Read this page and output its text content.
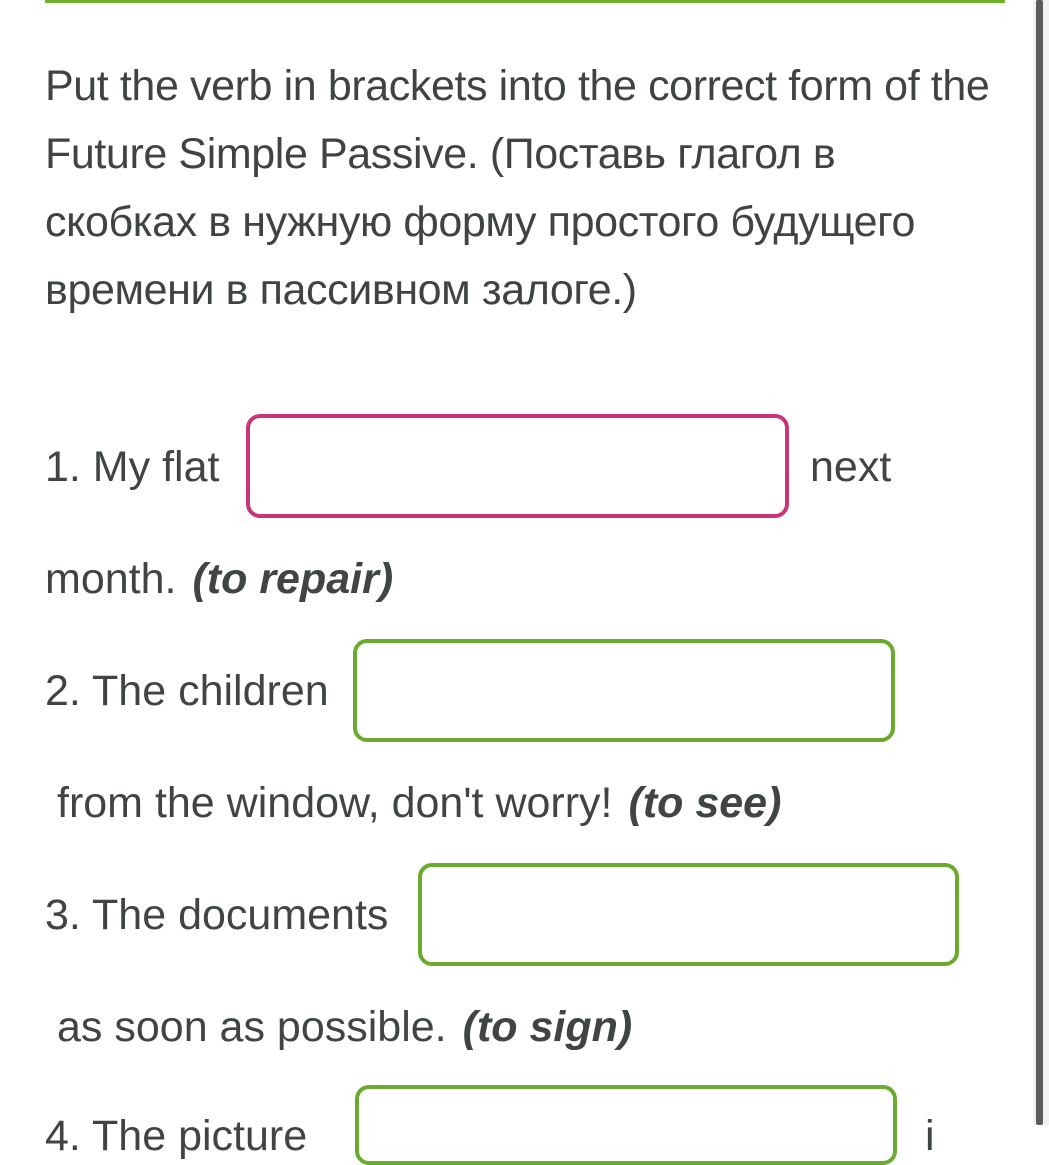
Put the verb in brackets into the correct form of the Future Simple Passive. (Поставь глагол в скобках в нужную форму простого будущего времени в пассивном залоге.)
1. My flat	next
month. (to repair)
2. The children
from the window, don't worry! (to see)
3. The documents
as soon as possible. (to sign)
4. The picture	i
